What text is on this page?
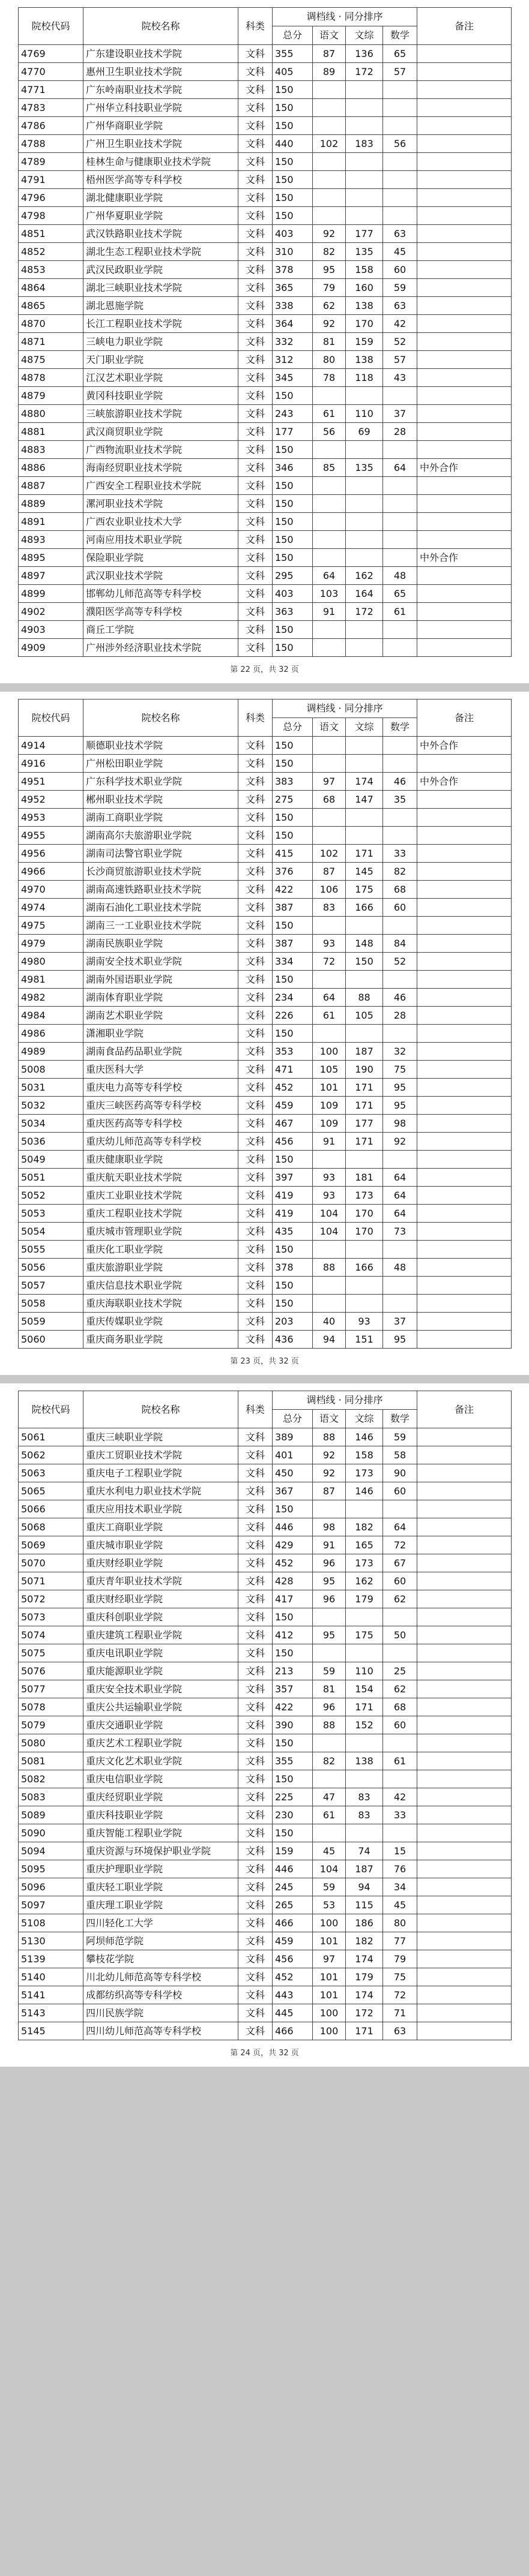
院校代码	院校名称	科类	调档线 · 同分排序				备注
			总分	语文	文综	数学	
4769	广东建设职业技术学院	文科	355	87	136	65	
4770	惠州卫生职业技术学院	文科	405	89	172	57	
4771	广东岭南职业技术学院	文科	150				
4783	广州华立科技职业学院	文科	150				
4786	广州华商职业学院	文科	150				
4788	广州卫生职业技术学院	文科	440	102	183	56	
4789	桂林生命与健康职业技术学院	文科	150				
4791	梧州医学高等专科学校	文科	150				
4796	湖北健康职业学院	文科	150				
4798	广州华夏职业学院	文科	150				
4851	武汉铁路职业技术学院	文科	403	92	177	63	
4852	湖北生态工程职业技术学院	文科	310	82	135	45	
4853	武汉民政职业学院	文科	378	95	158	60	
4864	湖北三峡职业技术学院	文科	365	79	160	59	
4865	湖北恩施学院	文科	338	62	138	63	
4870	长江工程职业技术学院	文科	364	92	170	42	
4871	三峡电力职业学院	文科	332	81	159	52	
4875	天门职业学院	文科	312	80	138	57	
4878	江汉艺术职业学院	文科	345	78	118	43	
4879	黄冈科技职业学院	文科	150				
4880	三峡旅游职业技术学院	文科	243	61	110	37	
4881	武汉商贸职业学院	文科	177	56	69	28	
4883	广西物流职业技术学院	文科	150				
4886	海南经贸职业技术学院	文科	346	85	135	64	中外合作
4887	广西安全工程职业技术学院	文科	150				
4889	漯河职业技术学院	文科	150				
4891	广西农业职业技术大学	文科	150				
4893	河南应用技术职业学院	文科	150				
4895	保险职业学院	文科	150				中外合作
4897	武汉职业技术学院	文科	295	64	162	48	
4899	邯郸幼儿师范高等专科学校	文科	403	103	164	65	
4902	濮阳医学高等专科学校	文科	363	91	172	61	
4903	商丘工学院	文科	150				
4909	广州涉外经济职业技术学院	文科	150				
第 22 页，共 32 页
院校代码	院校名称	科类	调档线 · 同分排序				备注
			总分	语文	文综	数学	
4914	顺德职业技术学院	文科	150				中外合作
4916	广州松田职业学院	文科	150				
4951	广东科学技术职业学院	文科	383	97	174	46	中外合作
4952	郴州职业技术学院	文科	275	68	147	35	
4953	湖南工商职业学院	文科	150				
4955	湖南高尔夫旅游职业学院	文科	150				
4956	湖南司法警官职业学院	文科	415	102	171	33	
4966	长沙商贸旅游职业技术学院	文科	376	87	145	82	
4970	湖南高速铁路职业技术学院	文科	422	106	175	68	
4974	湖南石油化工职业技术学院	文科	387	83	166	60	
4975	湖南三一工业职业技术学院	文科	150				
4979	湖南民族职业学院	文科	387	93	148	84	
4980	湖南安全技术职业学院	文科	334	72	150	52	
4981	湖南外国语职业学院	文科	150				
4982	湖南体育职业学院	文科	234	64	88	46	
4984	湖南艺术职业学院	文科	226	61	105	28	
4986	潇湘职业学院	文科	150				
4989	湖南食品药品职业学院	文科	353	100	187	32	
5008	重庆医科大学	文科	471	105	190	75	
5031	重庆电力高等专科学校	文科	452	101	171	95	
5032	重庆三峡医药高等专科学校	文科	459	109	171	95	
5034	重庆医药高等专科学校	文科	467	109	177	98	
5036	重庆幼儿师范高等专科学校	文科	456	91	171	92	
5049	重庆健康职业学院	文科	150				
5051	重庆航天职业技术学院	文科	397	93	181	64	
5052	重庆工业职业技术学院	文科	419	93	173	64	
5053	重庆工程职业技术学院	文科	419	104	170	64	
5054	重庆城市管理职业学院	文科	435	104	170	73	
5055	重庆化工职业学院	文科	150				
5056	重庆旅游职业学院	文科	378	88	166	48	
5057	重庆信息技术职业学院	文科	150				
5058	重庆海联职业技术学院	文科	150				
5059	重庆传媒职业学院	文科	203	40	93	37	
5060	重庆商务职业学院	文科	436	94	151	95	
第 23 页，共 32 页
院校代码	院校名称	科类	调档线 · 同分排序				备注
			总分	语文	文综	数学	
5061	重庆三峡职业学院	文科	389	88	146	59	
5062	重庆工贸职业技术学院	文科	401	92	158	58	
5063	重庆电子工程职业学院	文科	450	92	173	90	
5065	重庆水利电力职业技术学院	文科	367	87	146	60	
5066	重庆应用技术职业学院	文科	150				
5068	重庆工商职业学院	文科	446	98	182	64	
5069	重庆城市职业学院	文科	429	91	165	72	
5070	重庆财经职业学院	文科	452	96	173	67	
5071	重庆青年职业技术学院	文科	428	95	162	60	
5072	重庆财经职业学院	文科	417	96	179	62	
5073	重庆科创职业学院	文科	150				
5074	重庆建筑工程职业学院	文科	412	95	175	50	
5075	重庆电讯职业学院	文科	150				
5076	重庆能源职业学院	文科	213	59	110	25	
5077	重庆安全技术职业学院	文科	357	81	154	62	
5078	重庆公共运输职业学院	文科	422	96	171	68	
5079	重庆交通职业学院	文科	390	88	152	60	
5080	重庆艺术工程职业学院	文科	150				
5081	重庆文化艺术职业学院	文科	355	82	138	61	
5082	重庆电信职业学院	文科	150				
5083	重庆经贸职业学院	文科	225	47	83	42	
5089	重庆科技职业学院	文科	230	61	83	33	
5090	重庆智能工程职业学院	文科	150				
5094	重庆资源与环境保护职业学院	文科	159	45	74	15	
5095	重庆护理职业学院	文科	446	104	187	76	
5096	重庆轻工职业学院	文科	245	59	94	34	
5097	重庆理工职业学院	文科	265	53	115	45	
5108	四川轻化工大学	文科	466	100	186	80	
5130	阿坝师范学院	文科	459	101	182	77	
5139	攀枝花学院	文科	456	97	174	79	
5140	川北幼儿师范高等专科学校	文科	452	101	179	75	
5141	成都纺织高等专科学校	文科	443	101	174	72	
5143	四川民族学院	文科	445	100	172	71	
5145	四川幼儿师范高等专科学校	文科	466	100	171	63	
第 24 页，共 32 页
